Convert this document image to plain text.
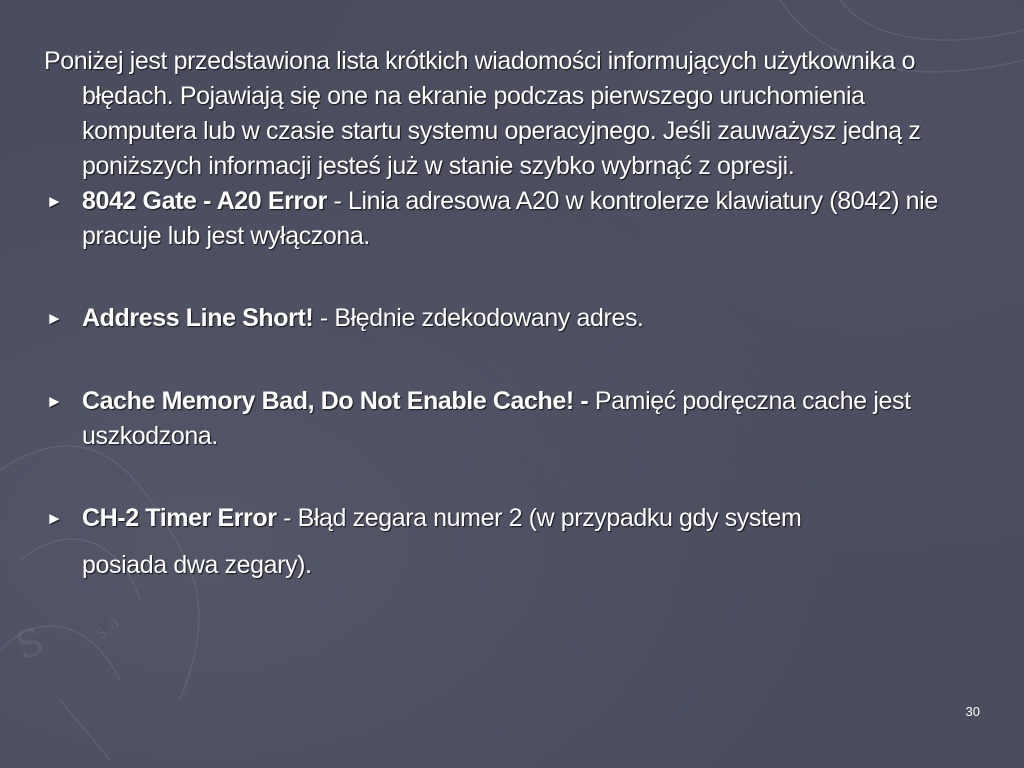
S s.a

Poniżej jest przedstawiona lista krótkich wiadomości informujących użytkownika o błędach. Pojawiają się one na ekranie podczas pierwszego uruchomienia komputera lub w czasie startu systemu operacyjnego. Jeśli zauważysz jedną z poniższych informacji jesteś już w stanie szybko wybrnąć z opresji.

► 8042 Gate - A20 Error - Linia adresowa A20 w kontrolerze klawiatury (8042) nie pracuje lub jest wyłączona.
► Address Line Short! - Błędnie zdekodowany adres.
► Cache Memory Bad, Do Not Enable Cache! - Pamięć podręczna cache jest uszkodzona.
► CH-2 Timer Error - Błąd zegara numer 2 (w przypadku gdy system
posiada dwa zegary).
30
